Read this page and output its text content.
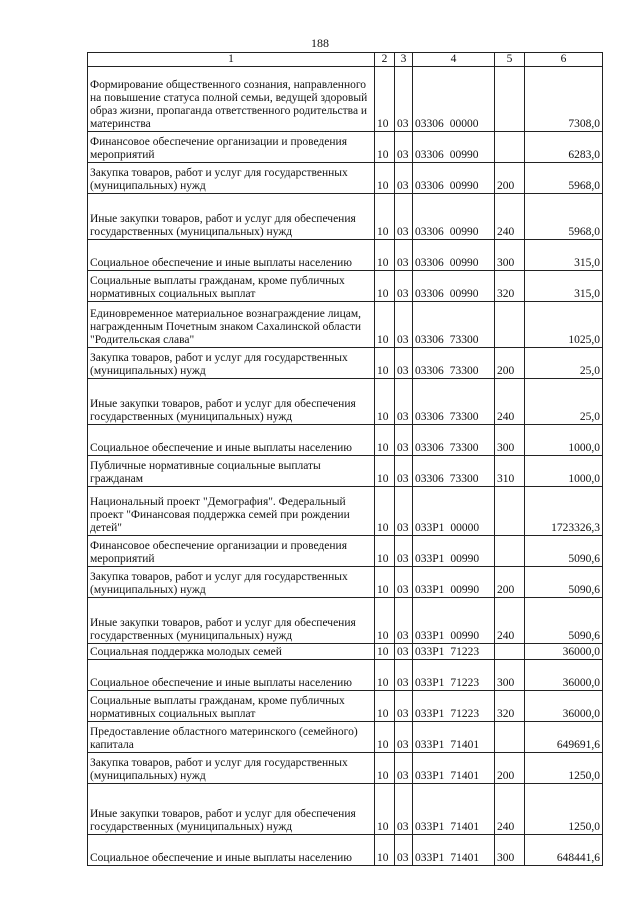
188
1	2	3	4	5	6
Формирование общественного сознания, направленного на повышение статуса полной семьи, ведущей здоровый образ жизни, пропаганда ответственного родительства и материнства	10	03	03306 00000		7308,0
Финансовое обеспечение организации и проведения мероприятий	10	03	03306 00990		6283,0
Закупка товаров, работ и услуг для государственных (муниципальных) нужд	10	03	03306 00990	200	5968,0
Иные закупки товаров, работ и услуг для обеспечения государственных (муниципальных) нужд	10	03	03306 00990	240	5968,0
Социальное обеспечение и иные выплаты населению	10	03	03306 00990	300	315,0
Социальные выплаты гражданам, кроме публичных нормативных социальных выплат	10	03	03306 00990	320	315,0
Единовременное материальное вознаграждение лицам, награжденным Почетным знаком Сахалинской области "Родительская слава"	10	03	03306 73300		1025,0
Закупка товаров, работ и услуг для государственных (муниципальных) нужд	10	03	03306 73300	200	25,0
Иные закупки товаров, работ и услуг для обеспечения государственных (муниципальных) нужд	10	03	03306 73300	240	25,0
Социальное обеспечение и иные выплаты населению	10	03	03306 73300	300	1000,0
Публичные нормативные социальные выплаты гражданам	10	03	03306 73300	310	1000,0
Национальный проект "Демография". Федеральный проект "Финансовая поддержка семей при рождении детей"	10	03	033P1 00000		1723326,3
Финансовое обеспечение организации и проведения мероприятий	10	03	033P1 00990		5090,6
Закупка товаров, работ и услуг для государственных (муниципальных) нужд	10	03	033P1 00990	200	5090,6
Иные закупки товаров, работ и услуг для обеспечения государственных (муниципальных) нужд	10	03	033P1 00990	240	5090,6
Социальная поддержка молодых семей	10	03	033P1 71223		36000,0
Социальное обеспечение и иные выплаты населению	10	03	033P1 71223	300	36000,0
Социальные выплаты гражданам, кроме публичных нормативных социальных выплат	10	03	033P1 71223	320	36000,0
Предоставление областного материнского (семейного) капитала	10	03	033P1 71401		649691,6
Закупка товаров, работ и услуг для государственных (муниципальных) нужд	10	03	033P1 71401	200	1250,0
Иные закупки товаров, работ и услуг для обеспечения государственных (муниципальных) нужд	10	03	033P1 71401	240	1250,0
Социальное обеспечение и иные выплаты населению	10	03	033P1 71401	300	648441,6
